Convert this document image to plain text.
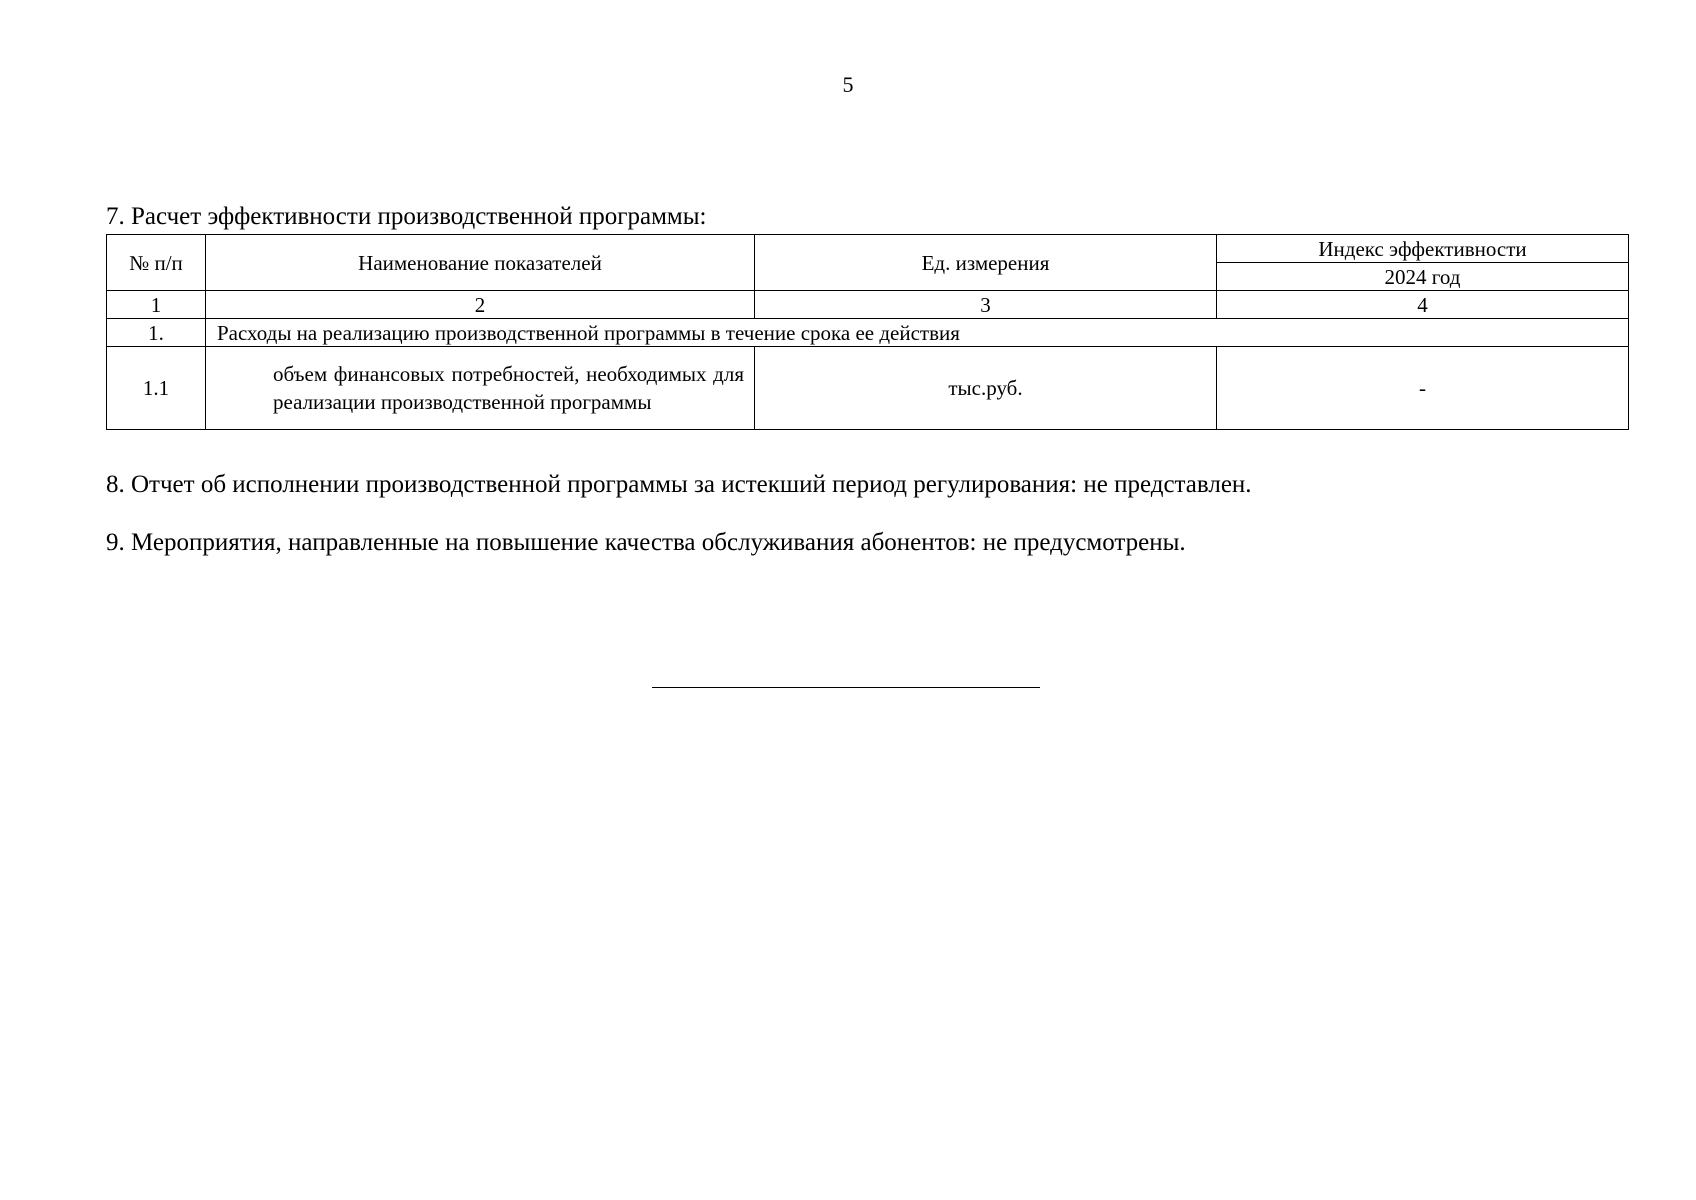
5
7. Расчет эффективности производственной программы:
№ п/п	Наименование показателей	Ед. измерения	Индекс эффективности
			2024 год
1	2	3	4
1.	Расходы на реализацию производственной программы в течение срока ее действия		
1.1	объем финансовых потребностей, необходимых для реализации производственной программы	тыс.руб.	-
8. Отчет об исполнении производственной программы за истекший период регулирования: не представлен.
9. Мероприятия, направленные на повышение качества обслуживания абонентов: не предусмотрены.
